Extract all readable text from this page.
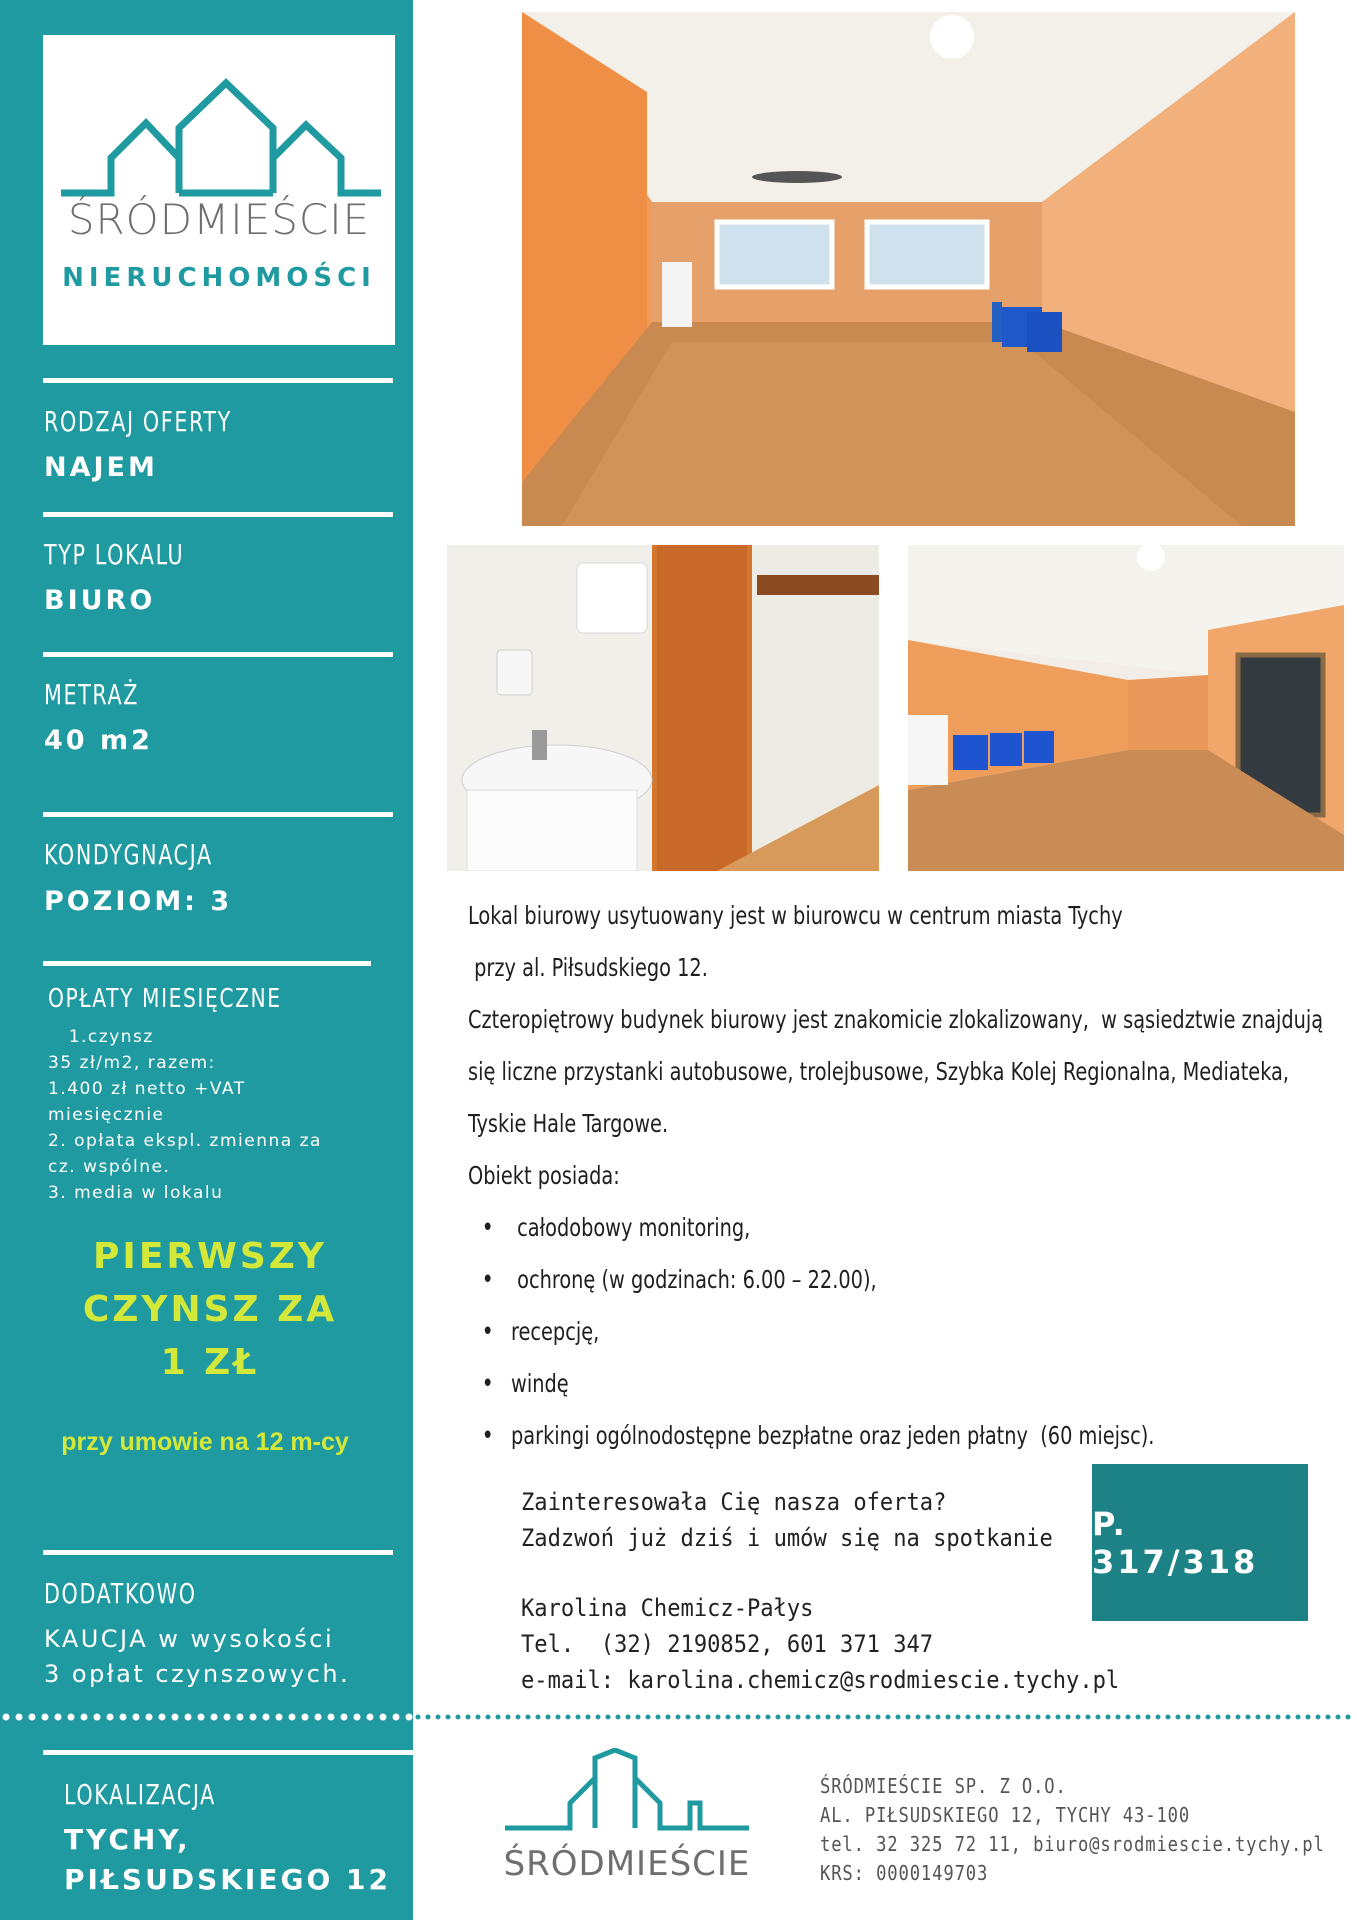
ŚRÓDMIEŚCIE
NIERUCHOMOŚCI
RODZAJ OFERTY
NAJEM
TYP LOKALU
BIURO
METRAŻ
40 m2
KONDYGNACJA
POZIOM: 3
OPŁATY MIESIĘCZNE
1.czynsz
35 zł/m2, razem:
1.400 zł netto +VAT
miesięcznie
2. opłata ekspl. zmienna za
cz. wspólne.
3. media w lokalu
PIERWSZY
CZYNSZ ZA
1 ZŁ
przy umowie na 12 m-cy
DODATKOWO
KAUCJA w wysokości
3 opłat czynszowych.
LOKALIZACJA
TYCHY,
PIŁSUDSKIEGO 12

Lokal biurowy usytuowany jest w biurowcu w centrum miasta Tychy

przy al. Piłsudskiego 12.

Czteropiętrowy budynek biurowy jest znakomicie zlokalizowany,  w sąsiedztwie znajdują

się liczne przystanki autobusowe, trolejbusowe, Szybka Kolej Regionalna, Mediateka,

Tyskie Hale Targowe.

Obiekt posiada:

•  całodobowy monitoring,
•  ochronę (w godzinach: 6.00 – 22.00),
• recepcję,
• windę
• parkingi ogólnodostępne bezpłatne oraz jeden płatny  (60 miejsc).
Zainteresowała Cię nasza oferta?
Zadzwoń już dziś i umów się na spotkanie
Karolina Chemicz-Pałys
Tel.  (32) 2190852, 601 371 347
e-mail: karolina.chemicz@srodmiescie.tychy.pl
P. 317/318
ŚRÓDMIEŚCIE
ŚRÓDMIEŚCIE SP. Z O.O.
AL. PIŁSUDSKIEGO 12, TYCHY 43-100
tel. 32 325 72 11, biuro@srodmiescie.tychy.pl
KRS: 0000149703
